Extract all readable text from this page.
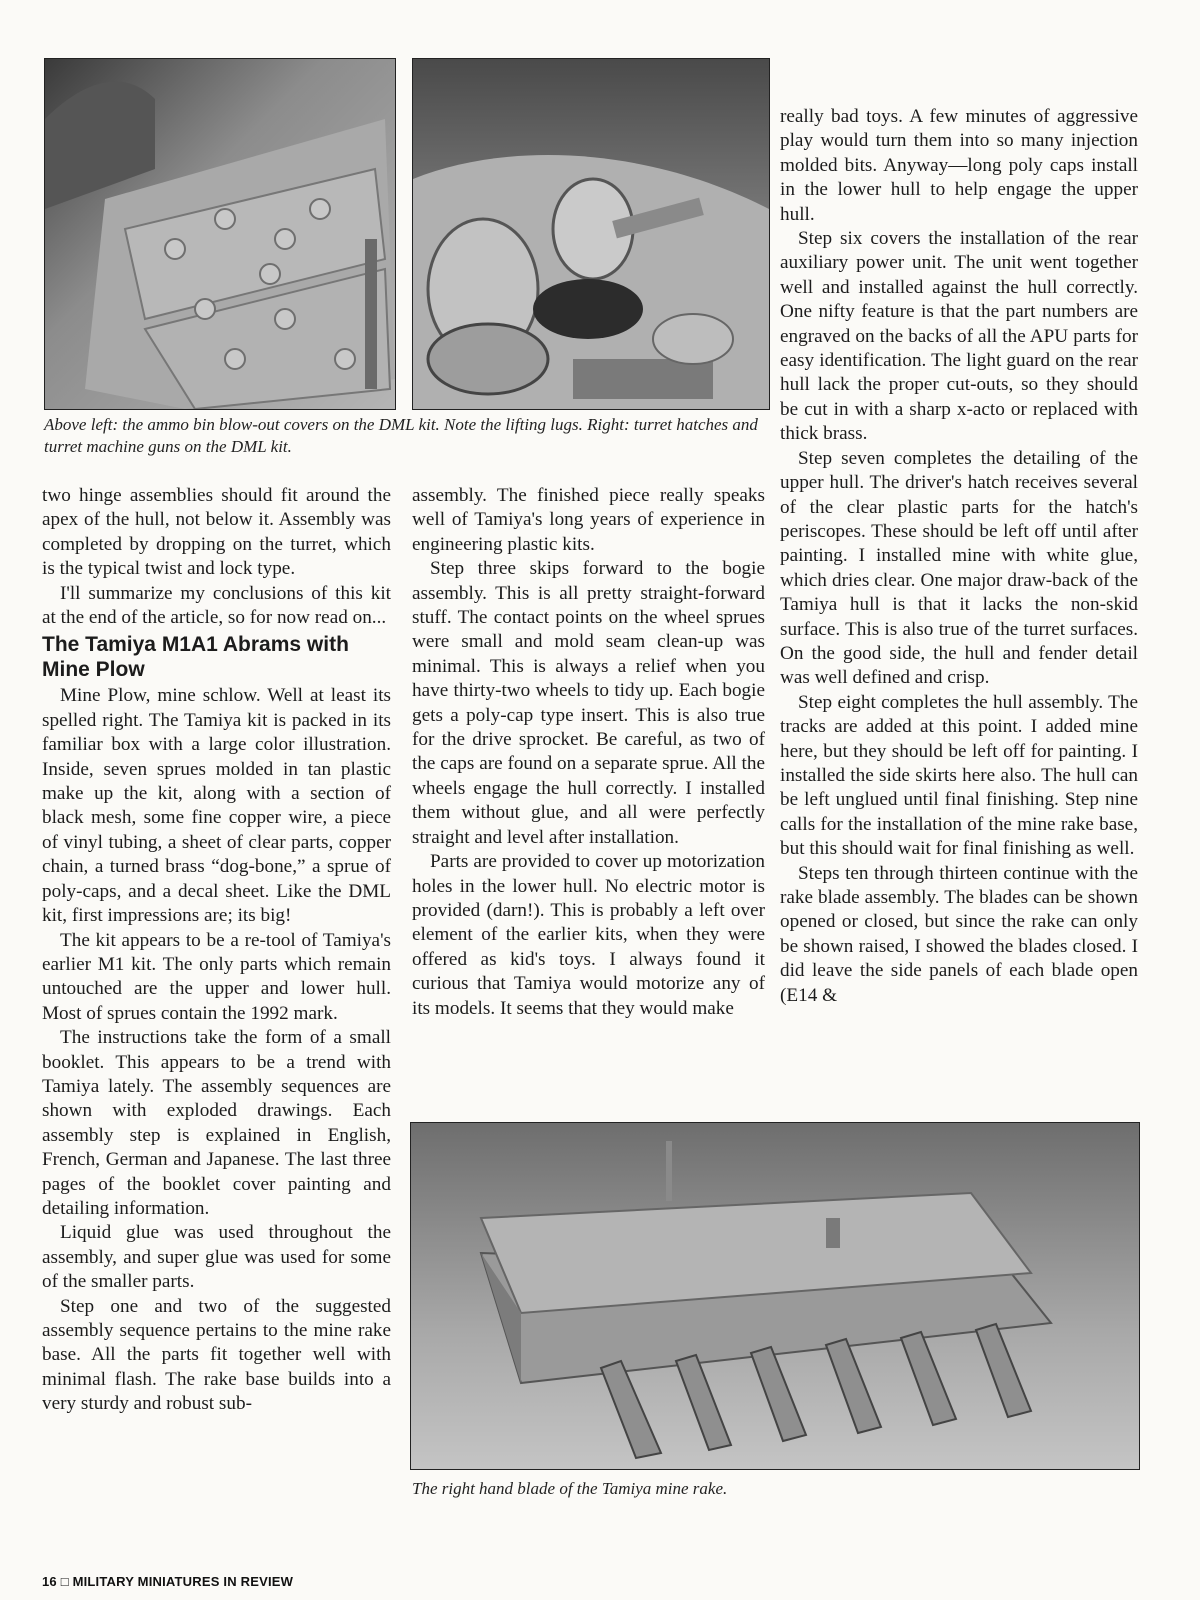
Above left: the ammo bin blow-out covers on the DML kit. Note the lifting lugs. Right: turret hatches and turret machine guns on the DML kit.

two hinge assemblies should fit around the apex of the hull, not below it. Assembly was completed by dropping on the turret, which is the typical twist and lock type.

I'll summarize my conclusions of this kit at the end of the article, so for now read on...

The Tamiya M1A1 Abrams with Mine Plow

Mine Plow, mine schlow. Well at least its spelled right. The Tamiya kit is packed in its familiar box with a large color illustration. Inside, seven sprues molded in tan plastic make up the kit, along with a section of black mesh, some fine copper wire, a piece of vinyl tubing, a sheet of clear parts, copper chain, a turned brass “dog-bone,” a sprue of poly-caps, and a decal sheet. Like the DML kit, first impressions are; its big!

The kit appears to be a re-tool of Tamiya's earlier M1 kit. The only parts which remain untouched are the upper and lower hull. Most of sprues contain the 1992 mark.

The instructions take the form of a small booklet. This appears to be a trend with Tamiya lately. The assembly sequences are shown with exploded drawings. Each assembly step is explained in English, French, German and Japanese. The last three pages of the booklet cover painting and detailing information.

Liquid glue was used throughout the assembly, and super glue was used for some of the smaller parts.

Step one and two of the suggested assembly sequence pertains to the mine rake base. All the parts fit together well with minimal flash. The rake base builds into a very sturdy and robust sub-

assembly. The finished piece really speaks well of Tamiya's long years of experience in engineering plastic kits.

Step three skips forward to the bogie assembly. This is all pretty straight-forward stuff. The contact points on the wheel sprues were small and mold seam clean-up was minimal. This is always a relief when you have thirty-two wheels to tidy up. Each bogie gets a poly-cap type insert. This is also true for the drive sprocket. Be careful, as two of the caps are found on a separate sprue. All the wheels engage the hull correctly. I installed them without glue, and all were perfectly straight and level after installation.

Parts are provided to cover up motorization holes in the lower hull. No electric motor is provided (darn!). This is probably a left over element of the earlier kits, when they were offered as kid's toys. I always found it curious that Tamiya would motorize any of its models. It seems that they would make

really bad toys. A few minutes of aggressive play would turn them into so many injection molded bits. Anyway—long poly caps install in the lower hull to help engage the upper hull.

Step six covers the installation of the rear auxiliary power unit. The unit went together well and installed against the hull correctly. One nifty feature is that the part numbers are engraved on the backs of all the APU parts for easy identification. The light guard on the rear hull lack the proper cut-outs, so they should be cut in with a sharp x-acto or replaced with thick brass.

Step seven completes the detailing of the upper hull. The driver's hatch receives several of the clear plastic parts for the hatch's periscopes. These should be left off until after painting. I installed mine with white glue, which dries clear. One major draw-back of the Tamiya hull is that it lacks the non-skid surface. This is also true of the turret surfaces. On the good side, the hull and fender detail was well defined and crisp.

Step eight completes the hull assembly. The tracks are added at this point. I added mine here, but they should be left off for painting. I installed the side skirts here also. The hull can be left unglued until final finishing. Step nine calls for the installation of the mine rake base, but this should wait for final finishing as well.

Steps ten through thirteen continue with the rake blade assembly. The blades can be shown opened or closed, but since the rake can only be shown raised, I showed the blades closed. I did leave the side panels of each blade open (E14 &

The right hand blade of the Tamiya mine rake.
16 □ MILITARY MINIATURES IN REVIEW
